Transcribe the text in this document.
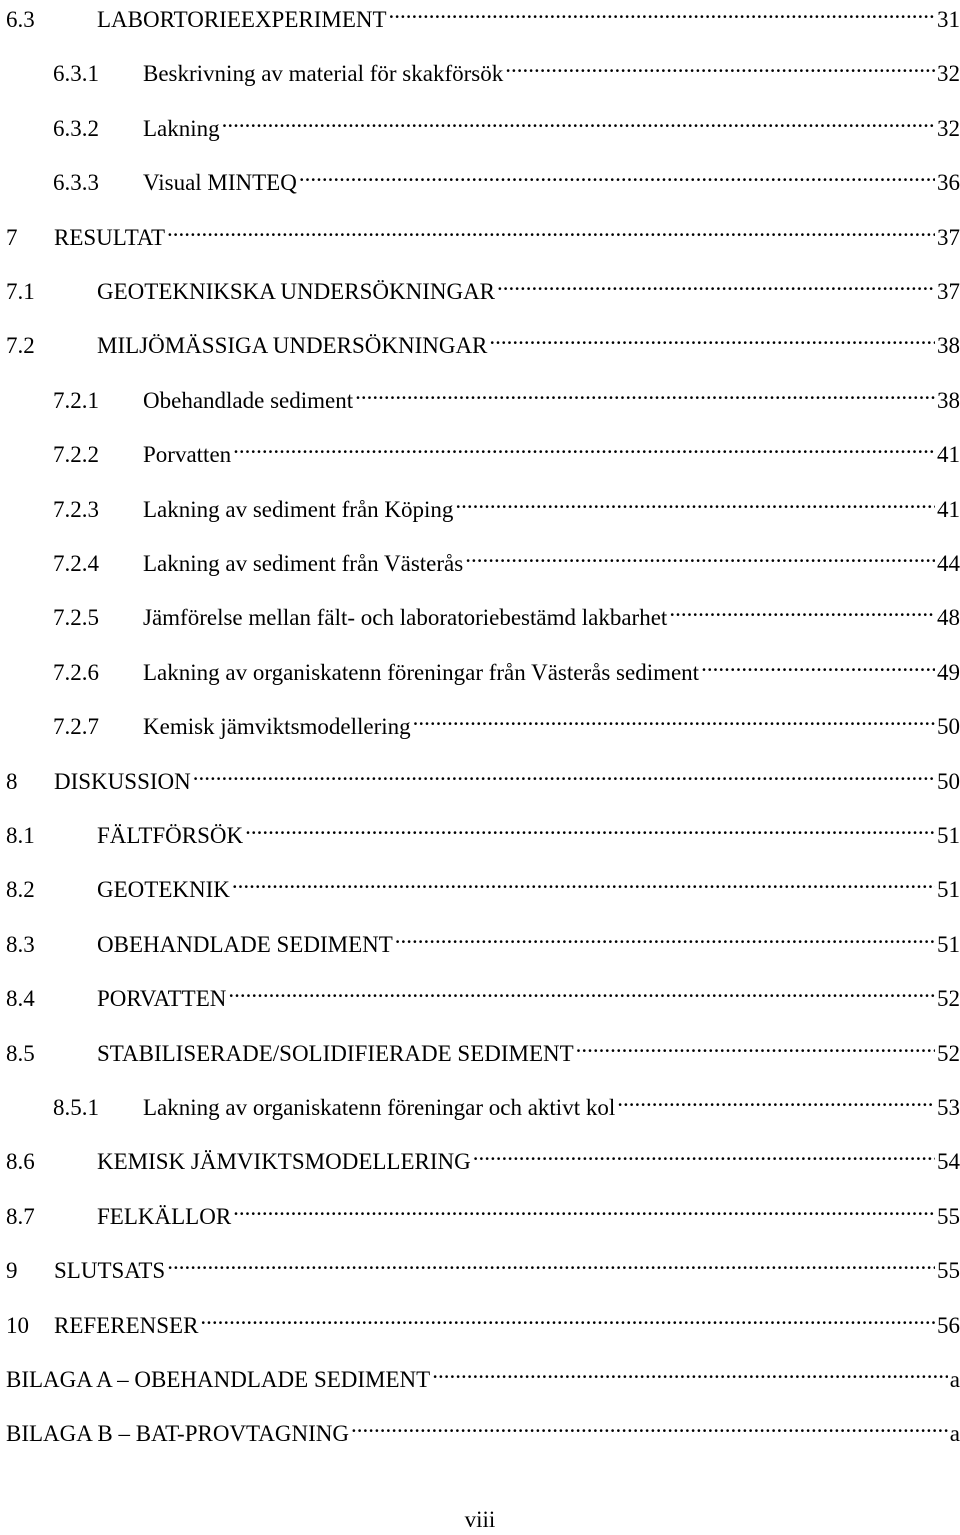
6.3	LABORTORIEEXPERIMENT .....	31
6.3.1	Beskrivning av material för skakförsök .....	32
6.3.2	Lakning .....	32
6.3.3	Visual MINTEQ .....	36
7	RESULTAT .....	37
7.1	GEOTEKNIKSKA UNDERSÖKNINGAR .....	37
7.2	MILJÖMÄSSIGA UNDERSÖKNINGAR .....	38
7.2.1	Obehandlade sediment .....	38
7.2.2	Porvatten .....	41
7.2.3	Lakning av sediment från Köping .....	41
7.2.4	Lakning av sediment från Västerås .....	44
7.2.5	Jämförelse mellan fält- och laboratoriebestämd lakbarhet .....	48
7.2.6	Lakning av organiskatenn föreningar från Västerås sediment .....	49
7.2.7	Kemisk jämviktsmodellering .....	50
8	DISKUSSION .....	50
8.1	FÄLTFÖRSÖK .....	51
8.2	GEOTEKNIK .....	51
8.3	OBEHANDLADE SEDIMENT .....	51
8.4	PORVATTEN .....	52
8.5	STABILISERADE/SOLIDIFIERADE SEDIMENT .....	52
8.5.1	Lakning av organiskatenn föreningar och aktivt kol .....	53
8.6	KEMISK JÄMVIKTSMODELLERING .....	54
8.7	FELKÄLLOR .....	55
9	SLUTSATS .....	55
10	REFERENSER .....	56
BILAGA A – OBEHANDLADE SEDIMENT .....	a
BILAGA B – BAT-PROVTAGNING .....	a
viii
